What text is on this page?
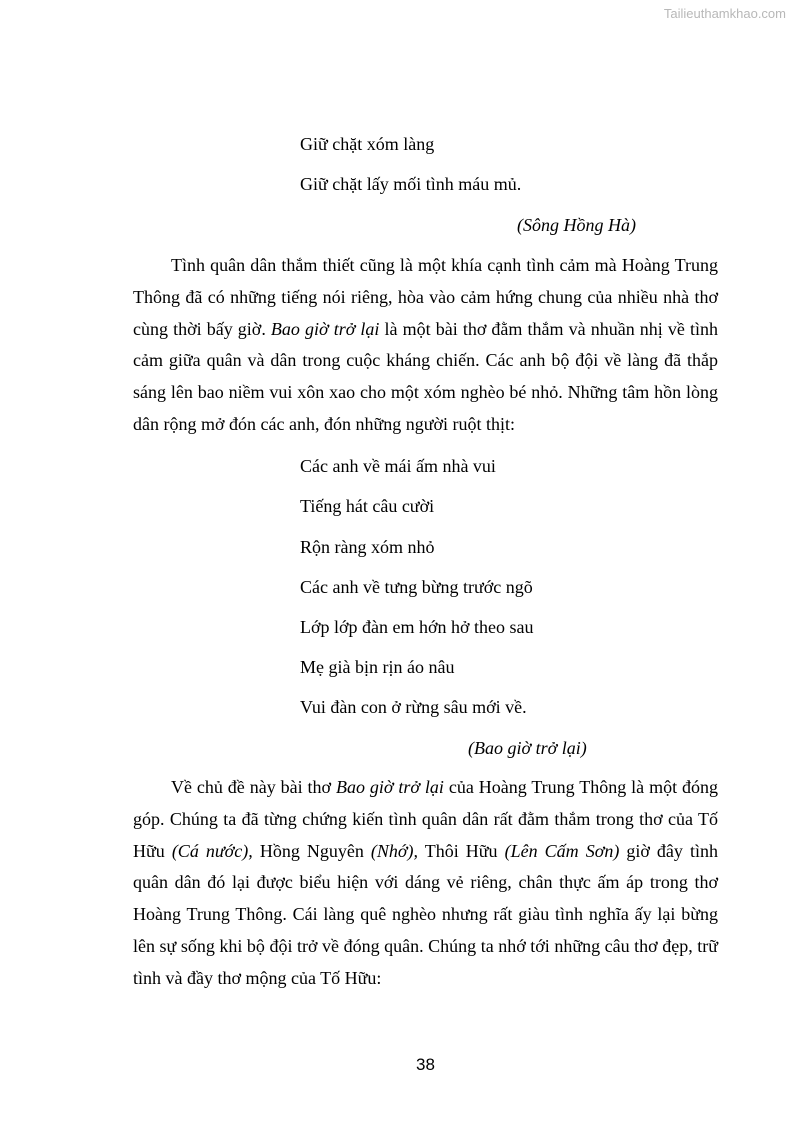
Tailieuthamkhao.com
Giữ chặt xóm làng
Giữ chặt lấy mối tình máu mủ.
(Sông Hồng Hà)
Tình quân dân thắm thiết cũng là một khía cạnh tình cảm mà Hoàng Trung Thông đã có những tiếng nói riêng, hòa vào cảm hứng chung của nhiều nhà thơ cùng thời bấy giờ. Bao giờ trở lại là một bài thơ đằm thắm và nhuần nhị về tình cảm giữa quân và dân trong cuộc kháng chiến. Các anh bộ đội về làng đã thắp sáng lên bao niềm vui xôn xao cho một xóm nghèo bé nhỏ. Những tâm hồn lòng dân rộng mở đón các anh, đón những người ruột thịt:
Các anh về mái ấm nhà vui
Tiếng hát câu cười
Rộn ràng xóm nhỏ
Các anh về tưng bừng trước ngõ
Lớp lớp đàn em hớn hở theo sau
Mẹ già bịn rịn áo nâu
Vui đàn con ở rừng sâu mới về.
(Bao giờ trở lại)
Về chủ đề này bài thơ Bao giờ trở lại của Hoàng Trung Thông là một đóng góp. Chúng ta đã từng chứng kiến tình quân dân rất đằm thắm trong thơ của Tố Hữu (Cá nước), Hồng Nguyên (Nhớ), Thôi Hữu (Lên Cấm Sơn) giờ đây tình quân dân đó lại được biểu hiện với dáng vẻ riêng, chân thực ấm áp trong thơ Hoàng Trung Thông. Cái làng quê nghèo nhưng rất giàu tình nghĩa ấy lại bừng lên sự sống khi bộ đội trở về đóng quân. Chúng ta nhớ tới những câu thơ đẹp, trữ tình và đầy thơ mộng của Tố Hữu:
38
